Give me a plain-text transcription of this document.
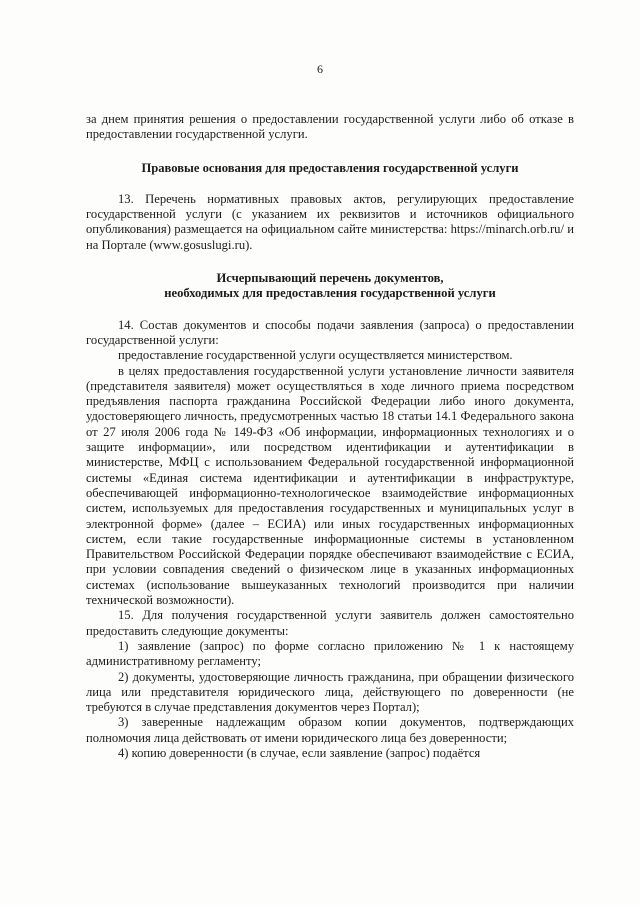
6

за днем принятия решения о предоставлении государственной услуги либо об отказе в предоставлении государственной услуги.

Правовые основания для предоставления государственной услуги

13. Перечень нормативных правовых актов, регулирующих предоставление государственной услуги (с указанием их реквизитов и источников официального опубликования) размещается на официальном сайте министерства: https://minarch.orb.ru/ и на Портале (www.gosuslugi.ru).

Исчерпывающий перечень документов,
необходимых для предоставления государственной услуги

14. Состав документов и способы подачи заявления (запроса) о предоставлении государственной услуги:

предоставление государственной услуги осуществляется министерством.

в целях предоставления государственной услуги установление личности заявителя (представителя заявителя) может осуществляться в ходе личного приема посредством предъявления паспорта гражданина Российской Федерации либо иного документа, удостоверяющего личность, предусмотренных частью 18 статьи 14.1 Федерального закона от 27 июля 2006 года № 149-ФЗ «Об информации, информационных технологиях и о защите информации», или посредством идентификации и аутентификации в министерстве, МФЦ с использованием Федеральной государственной информационной системы «Единая система идентификации и аутентификации в инфраструктуре, обеспечивающей информационно-технологическое взаимодействие информационных систем, используемых для предоставления государственных и муниципальных услуг в электронной форме» (далее – ЕСИА) или иных государственных информационных систем, если такие государственные информационные системы в установленном Правительством Российской Федерации порядке обеспечивают взаимодействие с ЕСИА, при условии совпадения сведений о физическом лице в указанных информационных системах (использование вышеуказанных технологий производится при наличии технической возможности).

15. Для получения государственной услуги заявитель должен самостоятельно предоставить следующие документы:

1) заявление (запрос) по форме согласно приложению № 1 к настоящему административному регламенту;

2) документы, удостоверяющие личность гражданина, при обращении физического лица или представителя юридического лица, действующего по доверенности (не требуются в случае представления документов через Портал);

3) заверенные надлежащим образом копии документов, подтверждающих полномочия лица действовать от имени юридического лица без доверенности;

4) копию доверенности (в случае, если заявление (запрос) подаётся
